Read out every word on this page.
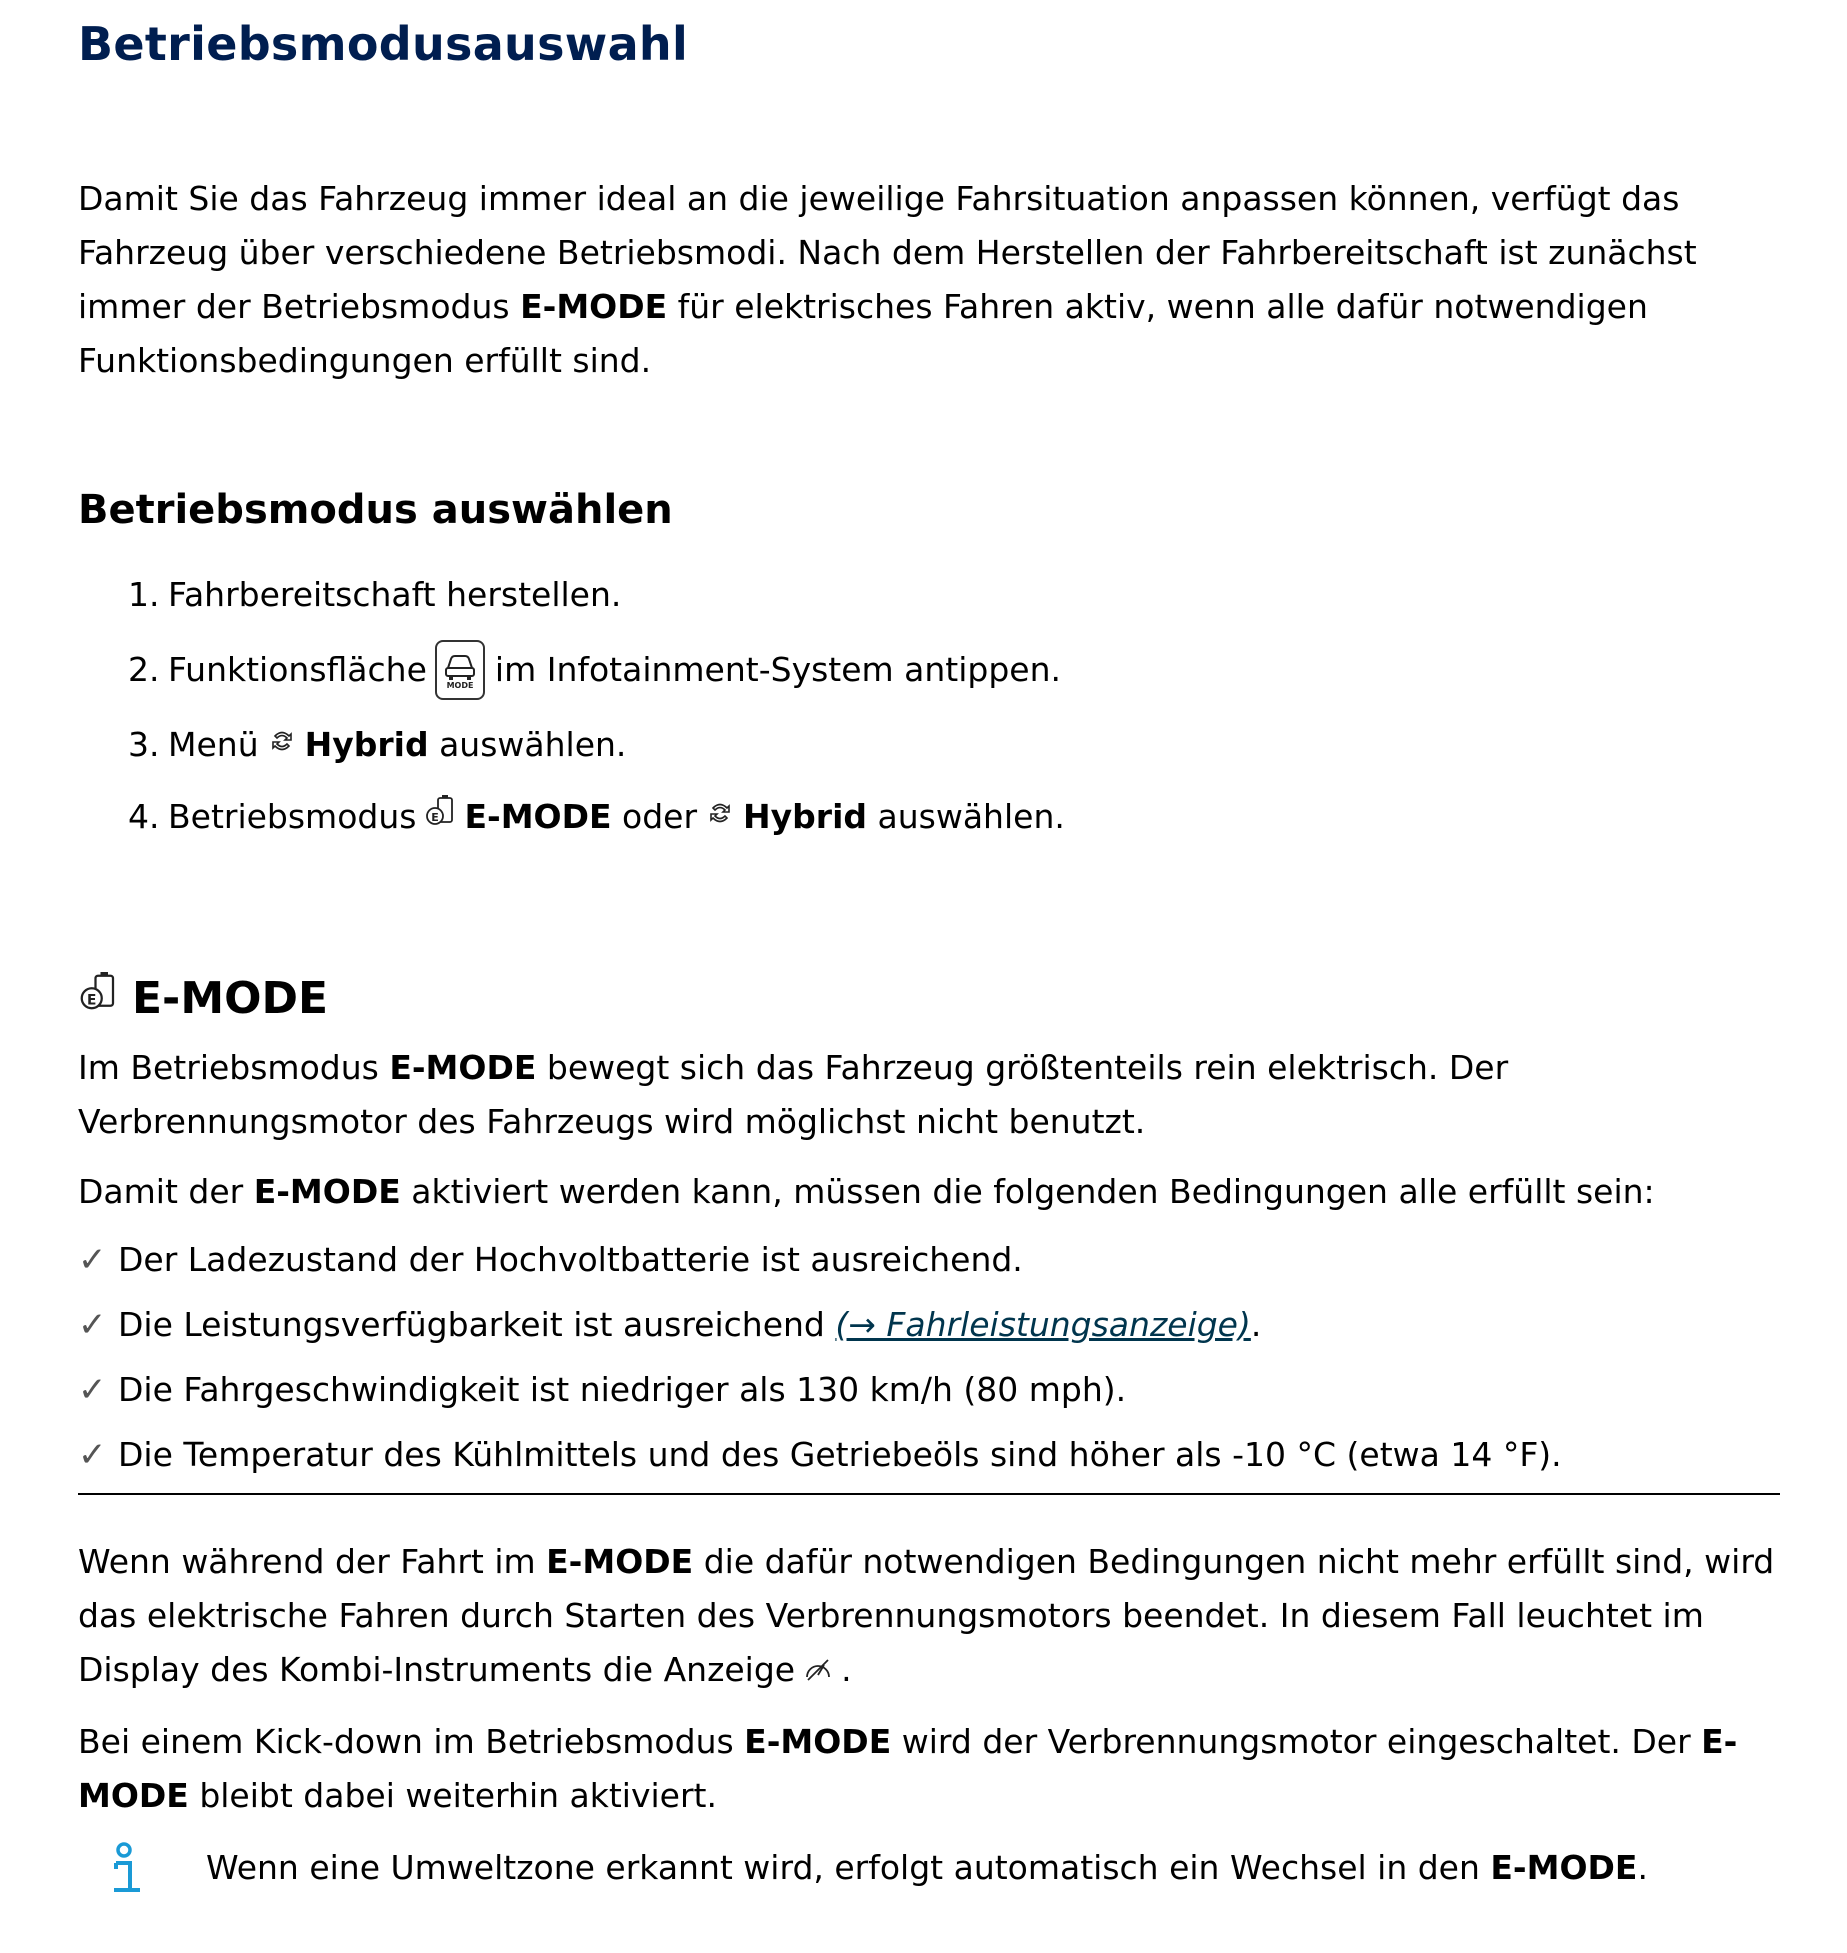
Betriebsmodusauswahl

Damit Sie das Fahrzeug immer ideal an die jeweilige Fahrsituation anpassen können, verfügt das Fahrzeug über verschiedene Betriebsmodi. Nach dem Herstellen der Fahrbereitschaft ist zunächst immer der Betriebsmodus E-MODE für elektrisches Fahren aktiv, wenn alle dafür notwendigen Funktionsbedingungen erfüllt sind.

Betriebsmodus auswählen
1. Fahrbereitschaft herstellen.
2. Funktionsfläche MODE im Infotainment-System antippen.
3. Menü Hybrid
auswählen.
4. Betriebsmodus E E-MODE
oder Hybrid
auswählen.
E E-MODE

Im Betriebsmodus E-MODE bewegt sich das Fahrzeug größtenteils rein elektrisch. Der Verbrennungsmotor des Fahrzeugs wird möglichst nicht benutzt.

Damit der E-MODE aktiviert werden kann, müssen die folgenden Bedingungen alle erfüllt sein:

✓ Der Ladezustand der Hochvoltbatterie ist ausreichend.
✓ Die Leistungsverfügbarkeit ist ausreichend (→ Fahrleistungsanzeige).
✓ Die Fahrgeschwindigkeit ist niedriger als 130 km/h (80 mph).
✓ Die Temperatur des Kühlmittels und des Getriebeöls sind höher als -10 °C (etwa 14 °F).

Wenn während der Fahrt im E-MODE die dafür notwendigen Bedingungen nicht mehr erfüllt sind, wird das elektrische Fahren durch Starten des Verbrennungsmotors beendet. In diesem Fall leuchtet im Display des Kombi-Instruments die Anzeige .

Bei einem Kick-down im Betriebsmodus E-MODE wird der Verbrennungsmotor eingeschaltet. Der E-MODE bleibt dabei weiterhin aktiviert.

Wenn eine Umweltzone erkannt wird, erfolgt automatisch ein Wechsel in den E-MODE.
